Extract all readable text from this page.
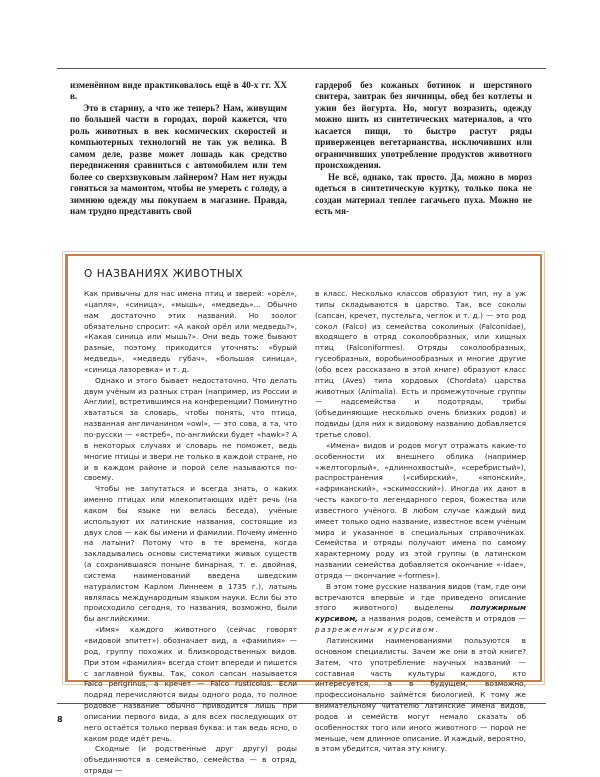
изменённом виде практиковалось ещё в 40-х гг. XX в.

Это в старину, а что же теперь? Нам, живущим по большей части в городах, порой кажется, что роль животных в век космических скоростей и компьютерных технологий не так уж велика. В самом деле, разве может лошадь как средство передвижения сравниться с автомобилем или тем более со сверхзвуковым лайнером? Нам нет нужды гоняться за мамонтом, чтобы не умереть с голоду, а зимнюю одежду мы покупаем в магазине. Правда, нам трудно представить свой

гардероб без кожаных ботинок и шерстяного свитера, завтрак без яичницы, обед без котлеты и ужин без йогурта. Но, могут возразить, одежду можно шить из синтетических материалов, а что касается пищи, то быстро растут ряды приверженцев вегетарианства, исключивших или ограничивших употребление продуктов животного происхождения.

Не всё, однако, так просто. Да, можно в мороз одеться в синтетическую куртку, только пока не создан материал теплее гагачьего пуха. Можно не есть мя-

О НАЗВАНИЯХ ЖИВОТНЫХ

Как привычны для нас имена птиц и зверей: «орёл», «цапля», «синица», «мышь», «медведь»... Обычно нам достаточно этих названий. Но зоолог обязательно спросит: «А какой орёл или медведь?», «Какая синица или мышь?». Они ведь тоже бывают разные, поэтому приходится уточнять: «бурый медведь», «медведь губач», «большая синица», «синица лазоревка» и т. д.

Однако и этого бывает недостаточно. Что делать двум учёным из разных стран (например, из России и Англии), встретившимся на конференции? Поминутно хвататься за словарь, чтобы понять, что птица, названная англичанином «owl», — это сова, а та, что по-русски — «ястреб», по-английски будет «hawk»? А в некоторых случаях и словарь не поможет, ведь многие птицы и звери не только в каждой стране, но и в каждом районе и порой селе называются по-своему.

Чтобы не запутаться и всегда знать, о каких именно птицах или млекопитающих идёт речь (на каком бы языке ни велась беседа), учёные используют их латинские названия, состоящие из двух слов — как бы имени и фамилии. Почему именно на латыни? Потому что в те времена, когда закладывались основы систематики живых существ (а сохранившаяся поныне бинарная, т. е. двойная, система наименований введена шведским натуралистом Карлом Линнеем в 1735 г.), латынь являлась международным языком науки. Если бы это происходило сегодня, то названия, возможно, были бы английскими.

«Имя» каждого животного (сейчас говорят «видовой эпитет») обозначает вид, а «фамилия» — род, группу похожих и близкородственных видов. При этом «фамилия» всегда стоит впереди и пишется с заглавной буквы. Так, сокол сапсан называется Falco perigrinus, а кречет — Falco rusticolus. Если подряд перечисляются виды одного рода, то полное родовое название обычно приводится лишь при описании первого вида, а для всех последующих от него остаётся только первая буква: и так ведь ясно, о каком роде идёт речь.

Сходные (и родственные друг другу) роды объединяются в семейство, семейства — в отряд, отряды —

в класс. Несколько классов образуют тип, ну а уж типы складываются в царство. Так, все соколы (сапсан, кречет, пустельга, чеглок и т. д.) — это род сокол (Falco) из семейства соколиных (Falconidae), входящего в отряд соколообразных, или хищных птиц (Falconiformes). Отряды соколообразных, гусеобразных, воробьинообразных и многие другие (обо всех рассказано в этой книге) образуют класс птиц (Aves) типа хордовых (Chordata) царства животных (Animalia). Есть и промежуточные группы — надсемейства и подотряды, трибы (объединяющие несколько очень близких родов) и подвиды (для них к видовому названию добавляется третье слово).

«Имена» видов и родов могут отражать какие-то особенности их внешнего облика (например «желтогорлый», «длиннохвостый», «серебристый»), распространения («сибирский», «японский», «африканский», «эскимосский»). Иногда их дают в честь какого-то легендарного героя, божества или известного учёного. В любом случае каждый вид имеет только одно название, известное всем учёным мира и указанное в специальных справочниках. Семейства и отряды получают имена по самому характерному роду из этой группы (в латинском названии семейства добавляется окончание «-idae», отряда — окончание «-formes»).

В этом томе русские названия видов (там, где они встречаются впервые и где приведено описание этого животного) выделены полужирным курсивом, а названия родов, семейств и отрядов — разреженным курсивом.

Латинскими наименованиями пользуются в основном специалисты. Зачем же они в этой книге? Затем, что употребление научных названий — составная часть культуры каждого, кто интересуется, а в будущем, возможно, профессионально займётся биологией. К тому же внимательному читателю латинские имена видов, родов и семейств могут немало сказать об особенностях того или иного животного — порой не меньше, чем длинное описание. И каждый, вероятно, в этом убедится, читая эту книгу.

8
